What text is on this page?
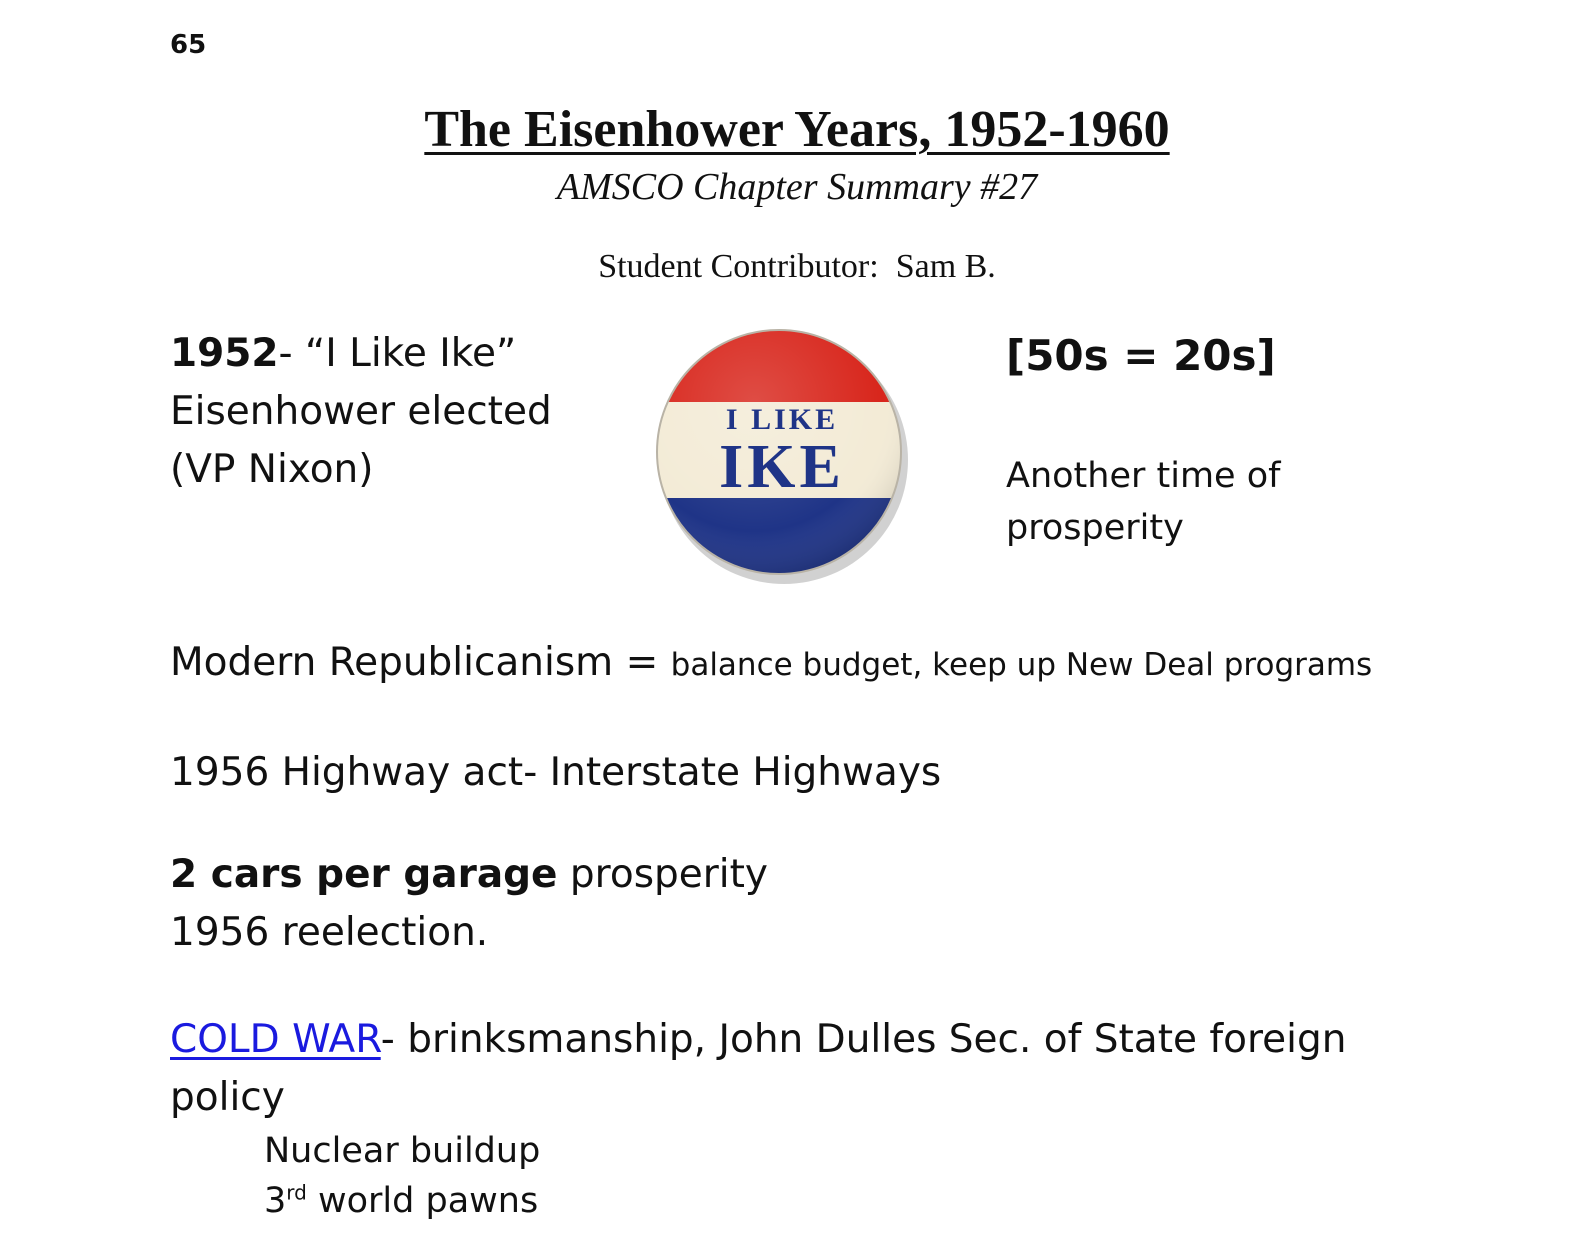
65
The Eisenhower Years, 1952-1960
AMSCO Chapter Summary #27
Student Contributor:  Sam B.
1952- “I Like Ike”
Eisenhower elected
(VP Nixon)
I LIKE
IKE
[50s = 20s]
Another time of
prosperity
Modern Republicanism = balance budget, keep up New Deal programs
1956 Highway act- Interstate Highways
2 cars per garage prosperity
1956 reelection.
COLD WAR- brinksmanship, John Dulles Sec. of State foreign policy
Nuclear buildup
3rd world pawns
